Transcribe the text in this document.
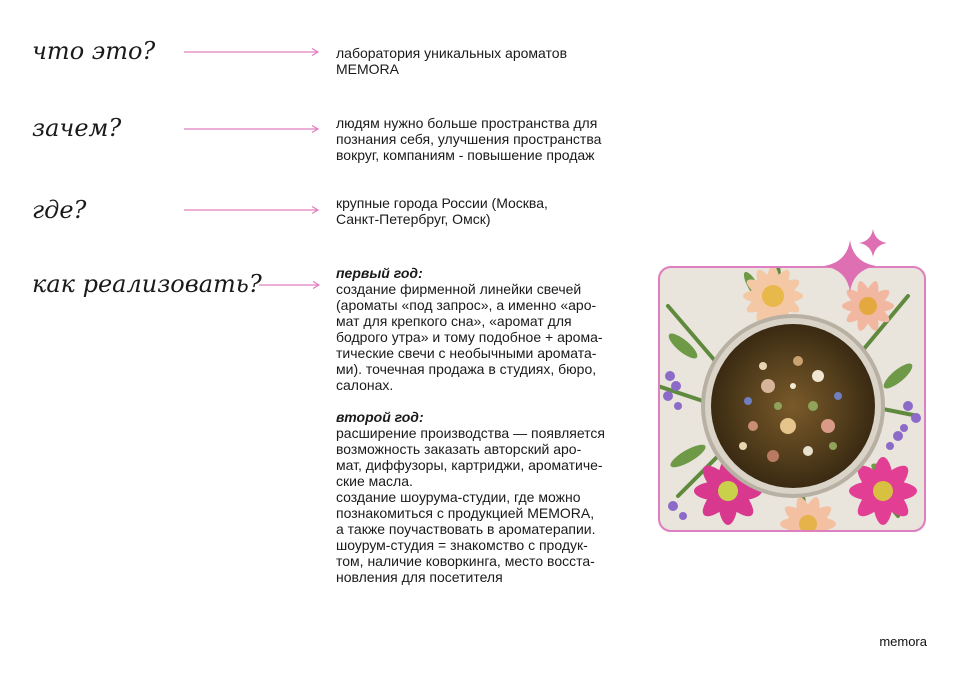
что это?
зачем?
где?
как реализовать?

лаборатория уникальных ароматов

MEMORA

людям нужно больше пространства для

познания себя, улучшения пространства

вокруг, компаниям - повышение продаж

крупные города России (Москва,

Санкт-Петербруг, Омск)

первый год:

создание фирменной линейки свечей

(ароматы «под запрос», а именно «аро-

мат для крепкого сна», «аромат для

бодрого утра» и тому подобное + арома-

тические свечи с необычными аромата-

ми). точечная продажа в студиях, бюро,

салонах.

второй год:

расширение производства — появляется

возможность заказать авторский аро-

мат, диффузоры, картриджи, ароматиче-

ские масла.

создание шоурума-студии, где можно

познакомиться с продукцией MEMORA,

а также поучаствовать в ароматерапии.

шоурум-студия = знакомство с продук-

том, наличие коворкинга, место восста-

новления для посетителя

memora
